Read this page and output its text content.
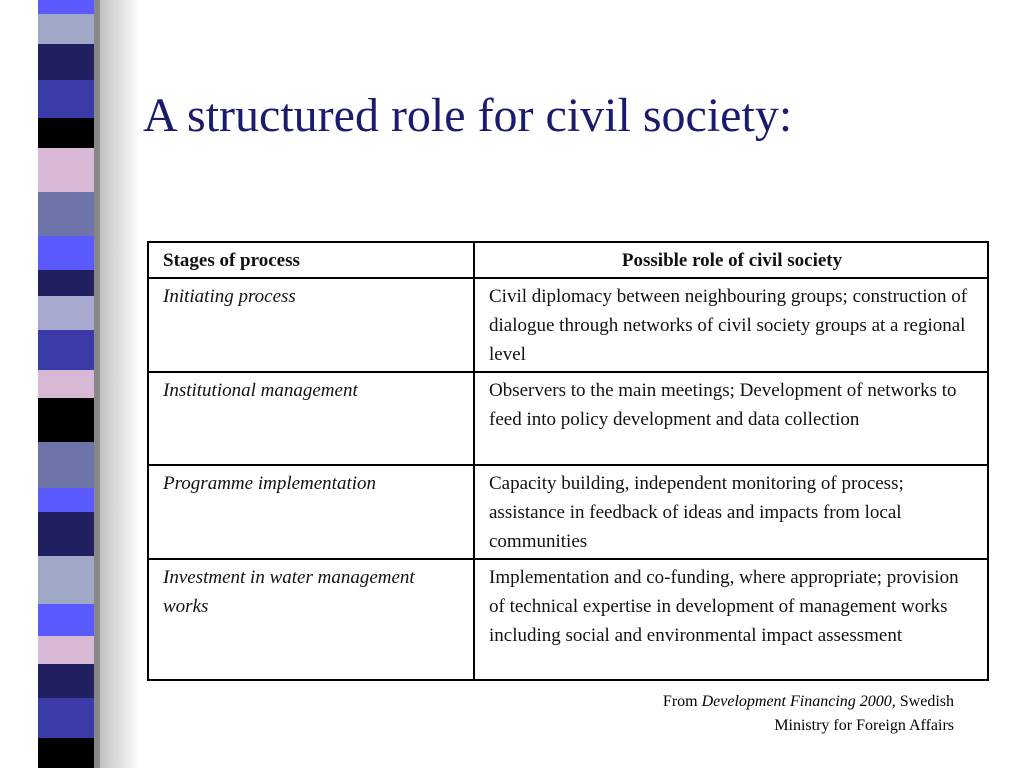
A structured role for civil society:
Stages of process	Possible role of civil society
Initiating process	Civil diplomacy between neighbouring groups; construction of dialogue through networks of civil society groups at a regional level
Institutional management	Observers to the main meetings; Development of networks to feed into policy development and data collection
Programme implementation	Capacity building, independent monitoring of process; assistance in feedback of ideas and impacts from local communities
Investment in water management works	Implementation and co-funding, where appropriate; provision of technical expertise in development of management works including social and environmental impact assessment
From Development Financing 2000, Swedish
Ministry for Foreign Affairs
